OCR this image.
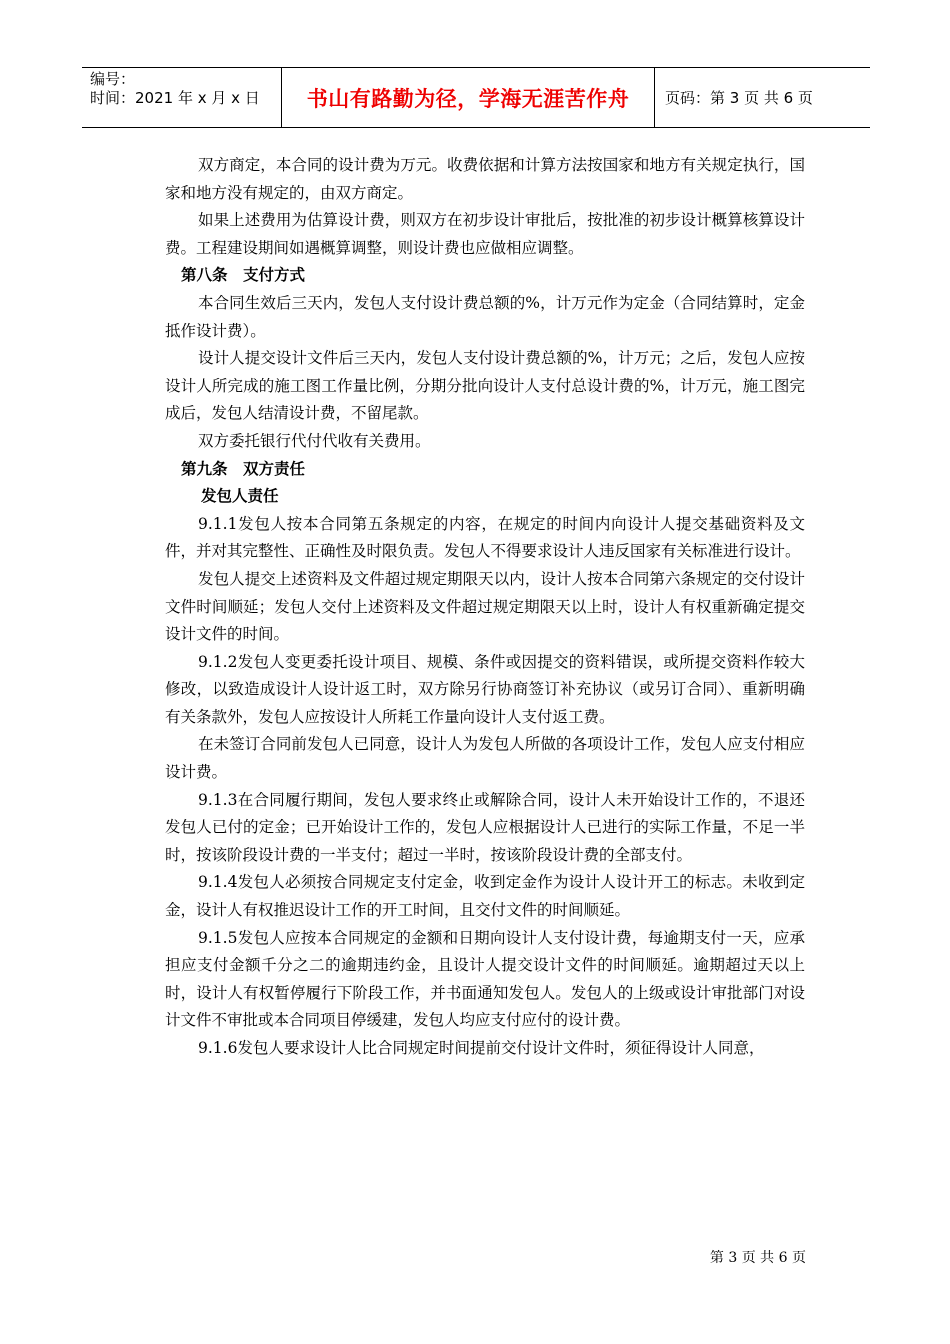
编号：
时间：2021 年 x 月 x 日	书山有路勤为径，学海无涯苦作舟	页码：第 3 页 共 6 页

双方商定，本合同的设计费为万元。收费依据和计算方法按国家和地方有关规定执行，国家和地方没有规定的，由双方商定。

如果上述费用为估算设计费，则双方在初步设计审批后，按批准的初步设计概算核算设计费。工程建设期间如遇概算调整，则设计费也应做相应调整。

第八条　支付方式

本合同生效后三天内，发包人支付设计费总额的%，计万元作为定金（合同结算时，定金抵作设计费）。

设计人提交设计文件后三天内，发包人支付设计费总额的%，计万元；之后，发包人应按设计人所完成的施工图工作量比例，分期分批向设计人支付总设计费的%，计万元，施工图完成后，发包人结清设计费，不留尾款。

双方委托银行代付代收有关费用。

第九条　双方责任

发包人责任

9.1.1发包人按本合同第五条规定的内容，在规定的时间内向设计人提交基础资料及文件，并对其完整性、正确性及时限负责。发包人不得要求设计人违反国家有关标准进行设计。

发包人提交上述资料及文件超过规定期限天以内，设计人按本合同第六条规定的交付设计文件时间顺延；发包人交付上述资料及文件超过规定期限天以上时，设计人有权重新确定提交设计文件的时间。

9.1.2发包人变更委托设计项目、规模、条件或因提交的资料错误，或所提交资料作较大修改，以致造成设计人设计返工时，双方除另行协商签订补充协议（或另订合同）、重新明确有关条款外，发包人应按设计人所耗工作量向设计人支付返工费。

在未签订合同前发包人已同意，设计人为发包人所做的各项设计工作，发包人应支付相应设计费。

9.1.3在合同履行期间，发包人要求终止或解除合同，设计人未开始设计工作的，不退还发包人已付的定金；已开始设计工作的，发包人应根据设计人已进行的实际工作量，不足一半时，按该阶段设计费的一半支付；超过一半时，按该阶段设计费的全部支付。

9.1.4发包人必须按合同规定支付定金，收到定金作为设计人设计开工的标志。未收到定金，设计人有权推迟设计工作的开工时间，且交付文件的时间顺延。

9.1.5发包人应按本合同规定的金额和日期向设计人支付设计费，每逾期支付一天，应承担应支付金额千分之二的逾期违约金，且设计人提交设计文件的时间顺延。逾期超过天以上时，设计人有权暂停履行下阶段工作，并书面通知发包人。发包人的上级或设计审批部门对设计文件不审批或本合同项目停缓建，发包人均应支付应付的设计费。

9.1.6发包人要求设计人比合同规定时间提前交付设计文件时，须征得设计人同意，

第 3 页 共 6 页
